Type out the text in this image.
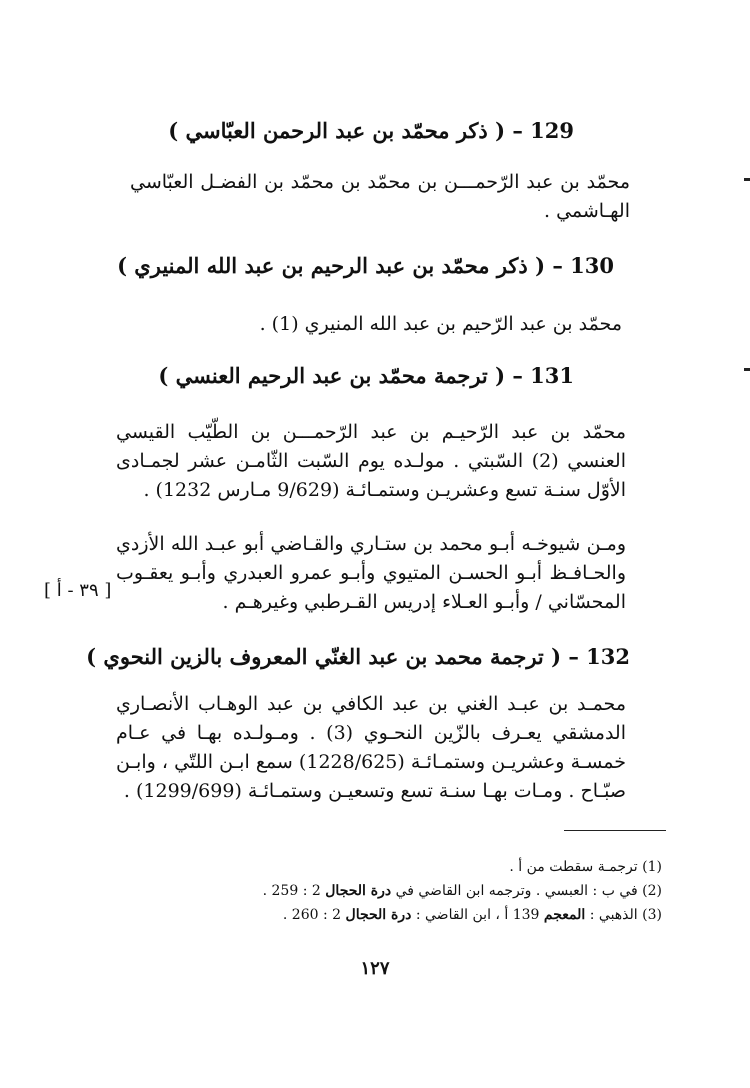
129 – ( ذكر محمّد بن عبد الرحمن العبّاسي )

محمّد بن عبد الرّحمـــن بن محمّد بن محمّد بن الفضـل العبّاسي الهـاشمي .

130 – ( ذكر محمّد بن عبد الرحيم بن عبد الله المنيري )

محمّد بن عبد الرّحيم بن عبد الله المنيري (1) .

131 – ( ترجمة محمّد بن عبد الرحيم العنسي )

محمّد بن عبد الرّحيـم بن عبد الرّحمـــن بن الطّيّب القيسي العنسي (2) السّبتي . مولـده يوم السّبت الثّامـن عشر لجمـادى الأوّل سنـة تسع وعشريـن وستمـائـة (9/629 مـارس 1232) .

ومـن شيوخـه أبـو محمد بن ستـاري والقـاضي أبو عبـد الله الأزدي والحـافـظ أبـو الحسـن المتيوي وأبـو عمرو العبدري وأبـو يعقـوب المحسّاني / وأبـو العـلاء إدريس القـرطبي وغيرهـم .

[ ٣٩ - أ ]
132 – ( ترجمة محمد بن عبد الغنّي المعروف بالزين النحوي )

محمـد بن عبـد الغني بن عبد الكافي بن عبد الوهـاب الأنصـاري الدمشقي يعـرف بالزّين النحـوي (3) . ومـولـده بهـا في عـام خمسـة وعشريـن وستمـائـة (1228/625) سمع ابـن اللتّي ، وابـن صبّـاح . ومـات بهـا سنـة تسع وتسعيـن وستمـائـة (1299/699) .

(1) ترجمـة سقطت من أ .
(2) في ب : العبسي . وترجمه ابن القاضي في درة الحجال 2 : 259 .
(3) الذهبي : المعجم 139 أ ، ابن القاضي : درة الحجال 2 : 260 .
١٢٧
